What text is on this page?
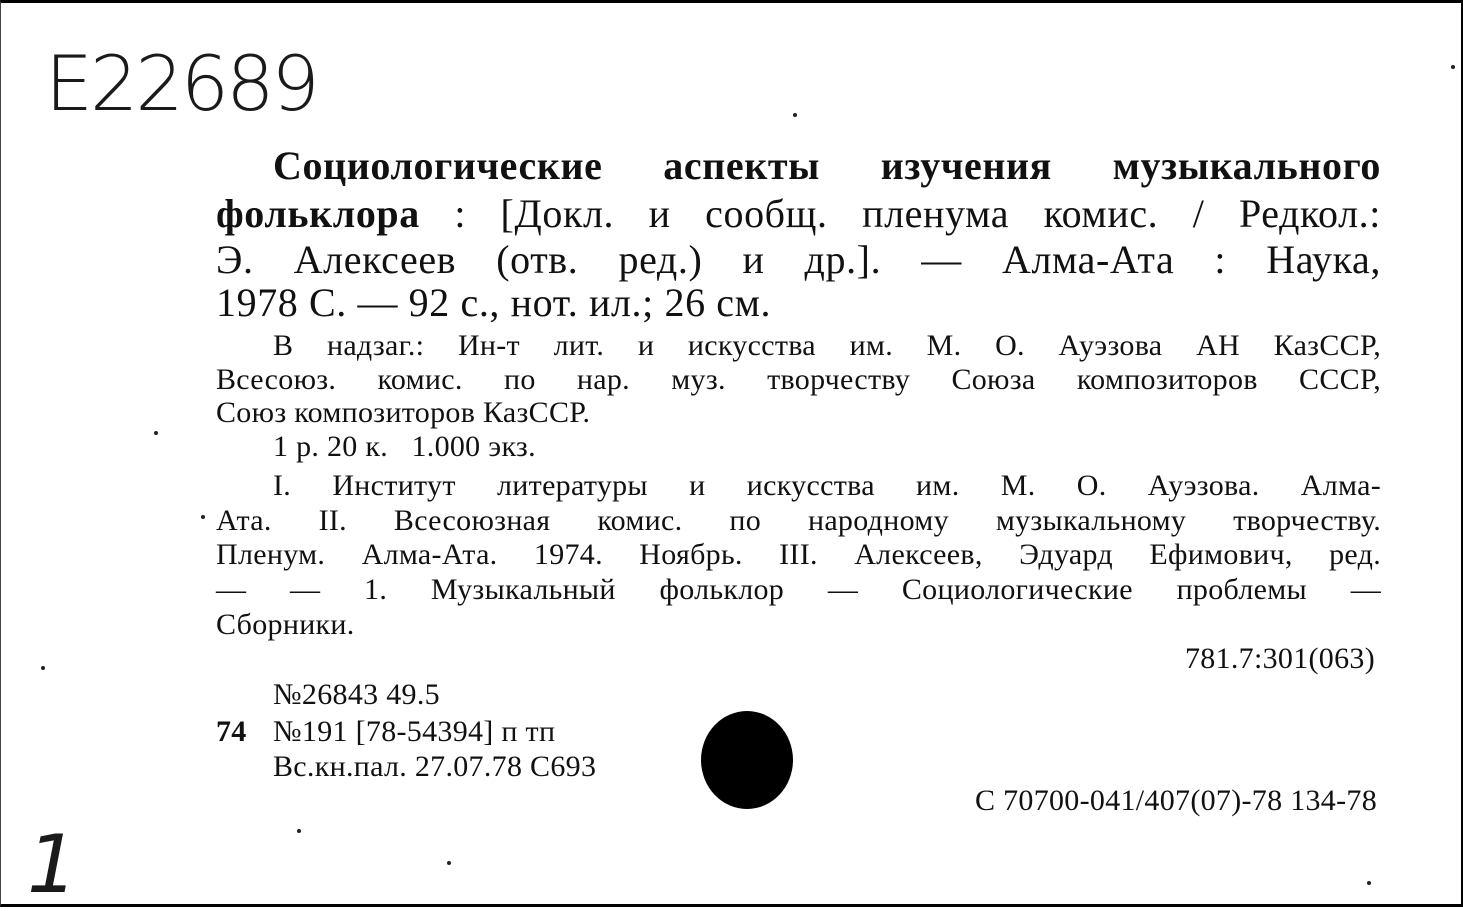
E22689
Социологические аспекты изучения музыкального
фольклора : [Докл. и сообщ. пленума комис. / Редкол.:
Э. Алексеев (отв. ред.) и др.]. — Алма-Ата : Наука,
1978 С. — 92 с., нот. ил.; 26 см.
В надзаг.: Ин-т лит. и искусства им. М. О. Ауэзова АН КазССР,
Всесоюз. комис. по нар. муз. творчеству Союза композиторов СССР,
Союз композиторов КазССР.
1 р. 20 к.   1.000 экз.
I. Институт литературы и искусства им. М. О. Ауэзова. Алма-
Ата. II. Всесоюзная комис. по народному музыкальному творчеству.
Пленум. Алма-Ата. 1974. Ноябрь. III. Алексеев, Эдуард Ефимович, ред.
— — 1. Музыкальный фольклор — Социологические проблемы —
Сборники.
781.7:301(063)
№26843 49.5
74 №191 [78-54394] п тп
Вс.кн.пал. 27.07.78 С693
С 70700-041/407(07)-78 134-78
1
